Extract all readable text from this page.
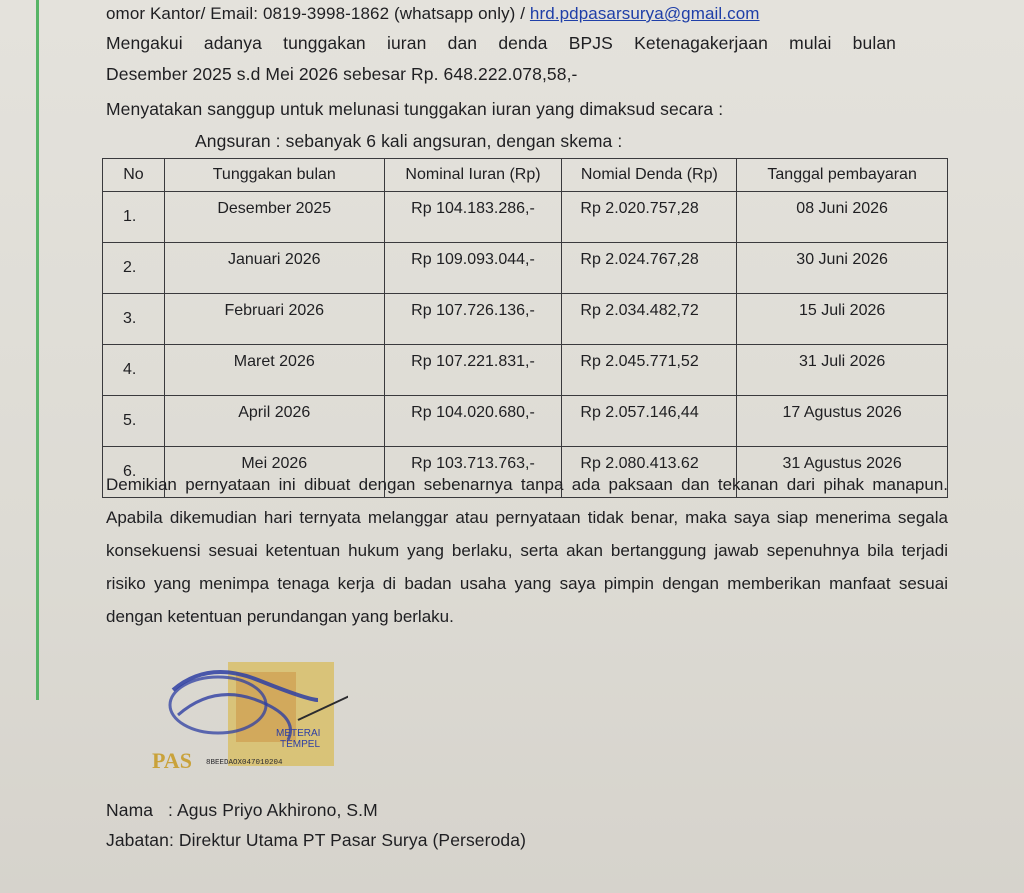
omor Kantor/ Email: 0819-3998-1862 (whatsapp only) / hrd.pdpasarsurya@gmail.com
Mengakui adanya tunggakan iuran dan denda BPJS Ketenagakerjaan mulai bulan
Desember 2025 s.d Mei 2026 sebesar Rp. 648.222.078,58,-
Menyatakan sanggup untuk melunasi tunggakan iuran yang dimaksud secara :
Angsuran : sebanyak 6 kali angsuran, dengan skema :
No	Tunggakan bulan	Nominal Iuran (Rp)	Nomial Denda (Rp)	Tanggal pembayaran
1.	Desember 2025	Rp 104.183.286,-	Rp 2.020.757,28	08 Juni 2026
2.	Januari 2026	Rp 109.093.044,-	Rp 2.024.767,28	30 Juni 2026
3.	Februari 2026	Rp 107.726.136,-	Rp 2.034.482,72	15 Juli 2026
4.	Maret 2026	Rp 107.221.831,-	Rp 2.045.771,52	31 Juli 2026
5.	April 2026	Rp 104.020.680,-	Rp 2.057.146,44	17 Agustus 2026
6.	Mei 2026	Rp 103.713.763,-	Rp 2.080.413.62	31 Agustus 2026

Demikian pernyataan ini dibuat dengan sebenarnya tanpa ada paksaan dan tekanan dari pihak manapun. Apabila dikemudian hari ternyata melanggar atau pernyataan tidak benar, maka saya siap menerima segala konsekuensi sesuai ketentuan hukum yang berlaku, serta akan bertanggung jawab sepenuhnya bila terjadi risiko yang menimpa tenaga kerja di badan usaha yang saya pimpin dengan memberikan manfaat sesuai dengan ketentuan perundangan yang berlaku.

PAS
METERAI
TEMPEL
8BEEDAOX047010204
Nama : Agus Priyo Akhirono, S.M
Jabatan: Direktur Utama PT Pasar Surya (Perseroda)
